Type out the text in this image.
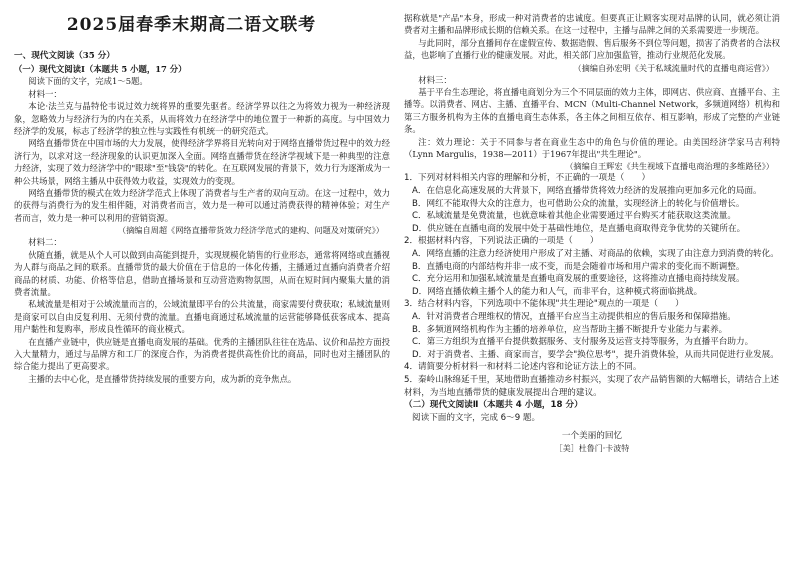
2025届春季末期高二语文联考
一、现代文阅读（35 分）
（一）现代文阅读Ⅰ（本题共 5 小题，17 分）
阅读下面的文字，完成1～5题。
材料一：

本论·法兰克与晶特伦韦说过效力统将界的重要先驱者。经济学界以往之为将效力视为一种经济现象，忽略效力与经济行为的内在关系，从而将效力在经济学中的地位置于一种新的高度。与中国效力经济学的发展，标志了经济学的独立性与实践性有机统一的研究范式。

网络直播带货在中国市场的大力发展，使得经济学界将目光转向对于网络直播带货过程中的效力经济行为，以求对这一经济现象的认识更加深入全面。网络直播带货在经济学视域下是一种典型的注意力经济，实现了效力经济学中的"眼球"至"钱袋"的转化。在互联网发展的背景下，效力行为逐渐成为一种公共场景，网络主播从中获得效力收益，实现效力的变现。

网络直播带货的模式在效力经济学范式上体现了消费者与生产者的双向互动。在这一过程中，效力的获得与消费行为的发生相伴随，对消费者而言，效力是一种可以通过消费获得的精神体验；对生产者而言，效力是一种可以利用的营销资源。

（摘编自周超《网络直播带货效力经济学范式的建构、问题及对策研究》）
材料二：

伙随直播，就是从个人可以做到由高能到提升，实现规模化销售的行业形态，通常将网络或直播视为人群与商品之间的联系。直播带货的最大价值在于信息的一体化传播，主播通过直播向消费者介绍商品的材质、功能、价格等信息，借助直播场景和互动营造购物氛围，从而在短时间内聚集大量的消费者流量。

私域流量是相对于公域流量而言的，公域流量即平台的公共流量，商家需要付费获取；私域流量则是商家可以自由反复利用、无须付费的流量。直播电商通过私域流量的运营能够降低获客成本、提高用户黏性和复购率，形成良性循环的商业模式。

在直播产业链中，供应链是直播电商发展的基础。优秀的主播团队往往在选品、议价和品控方面投入大量精力，通过与品牌方和工厂的深度合作，为消费者提供高性价比的商品，同时也对主播团队的综合能力提出了更高要求。

主播的去中心化，是直播带货持续发展的重要方向，成为新的竞争焦点。

据称就是"产品"本身，形成一种对消费者的忠诚度。但要真正让顾客实现对品牌的认同，就必须让消费者对主播和品牌形成长期的信赖关系。在这一过程中，主播与品牌之间的关系需要进一步规范。

与此同时，部分直播间存在虚假宣传、数据造假、售后服务不到位等问题，损害了消费者的合法权益，也影响了直播行业的健康发展。对此，相关部门应加强监管，推动行业规范化发展。

（摘编自孙宏明《关于私域流量时代的直播电商运营》）
材料三：

基于平台生态理论，将直播电商划分为三个不同层面的效力主体，即网店、供应商、直播平台、主播等。以消费者、网店、主播、直播平台、MCN（Multi-Channel Network，多频道网络）机构和第三方服务机构为主体的直播电商生态体系，各主体之间相互依存、相互影响，形成了完整的产业链条。

注：效力理论：关于不同参与者在商业生态中的角色与价值的理论。由美国经济学家马吉利特（Lynn Margulis，1938—2011）于1967年提出"共生理论"。

（摘编自王辉宏《共生视域下直播电商治理的多维路径》）
1．下列对材料相关内容的理解和分析，不正确的一项是（　　）
A．在信息化高速发展的大背景下，网络直播带货将效力经济的发展推向更加多元化的局面。
B．网红不能取得大众的注意力，也可借助公众的流量，实现经济上的转化与价值增长。
C．私域流量是免费流量，也就意味着其他企业需要通过平台购买才能获取这类流量。
D．供应链在直播电商的发展中处于基础性地位，是直播电商取得竞争优势的关键所在。
2．根据材料内容，下列说法正确的一项是（　　）
A．网络直播的注意力经济使用户形成了对主播、对商品的依赖，实现了由注意力到消费的转化。
B．直播电商的内部结构并非一成不变，而是会随着市场和用户需求的变化而不断调整。
C．充分运用和加强私域流量是直播电商发展的重要途径，这将推动直播电商持续发展。
D．网络直播依赖主播个人的能力和人气，而非平台，这种模式将面临挑战。
3．结合材料内容，下列选项中不能体现"共生理论"观点的一项是（　　）
A．针对消费者合理维权的情况，直播平台应当主动提供相应的售后服务和保障措施。
B．多频道网络机构作为主播的培养单位，应当帮助主播不断提升专业能力与素养。
C．第三方组织为直播平台提供数据服务、支付服务及运营支持等服务，为直播平台助力。
D．对于消费者、主播、商家而言，要学会"换位思考"，提升消费体验，从而共同促进行业发展。
4．请简要分析材料一和材料二论述内容和论证方法上的不同。
5．秦岭山脉绵延千里，某地借助直播推动乡村振兴，实现了农产品销售额的大幅增长，请结合上述材料，为当地直播带货的健康发展提出合理的建议。
（二）现代文阅读Ⅱ（本题共 4 小题，18 分）
阅读下面的文字，完成 6～9 题。
一个美丽的回忆
［美］杜鲁门·卡波特
